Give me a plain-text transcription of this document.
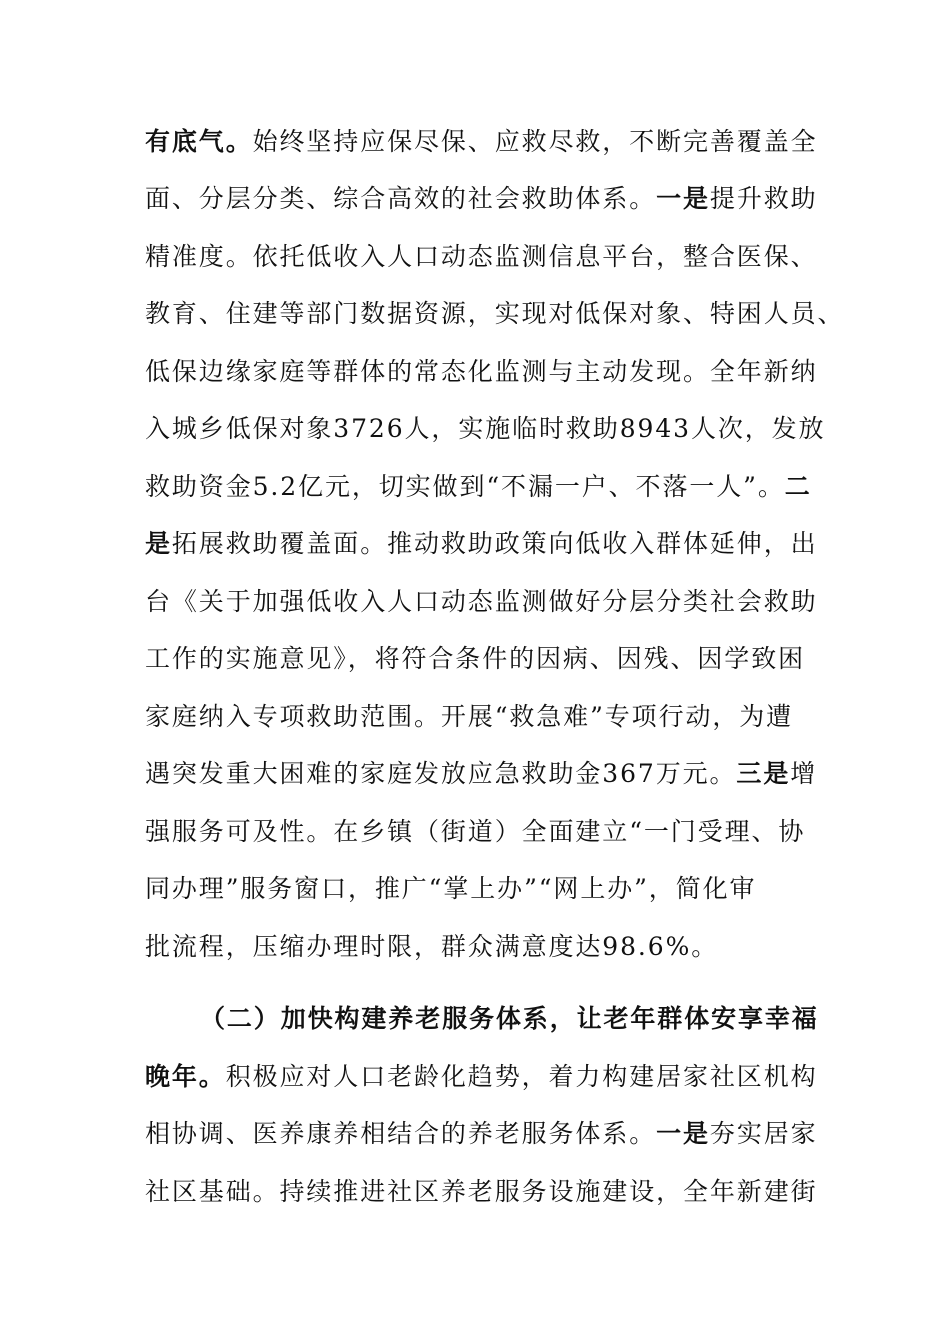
有底气。始终坚持应保尽保、应救尽救，不断完善覆盖全
面、分层分类、综合高效的社会救助体系。一是提升救助
精准度。依托低收入人口动态监测信息平台，整合医保、
教育、住建等部门数据资源，实现对低保对象、特困人员、
低保边缘家庭等群体的常态化监测与主动发现。全年新纳
入城乡低保对象3726人，实施临时救助8943人次，发放
救助资金5.2亿元，切实做到“不漏一户、不落一人”。二
是拓展救助覆盖面。推动救助政策向低收入群体延伸，出
台《关于加强低收入人口动态监测做好分层分类社会救助
工作的实施意见》，将符合条件的因病、因残、因学致困
家庭纳入专项救助范围。开展“救急难”专项行动，为遭
遇突发重大困难的家庭发放应急救助金367万元。三是增
强服务可及性。在乡镇（街道）全面建立“一门受理、协
同办理”服务窗口，推广“掌上办”“网上办”，简化审
批流程，压缩办理时限，群众满意度达98.6%。
（二）加快构建养老服务体系，让老年群体安享幸福
晚年。积极应对人口老龄化趋势，着力构建居家社区机构
相协调、医养康养相结合的养老服务体系。一是夯实居家
社区基础。持续推进社区养老服务设施建设，全年新建街
